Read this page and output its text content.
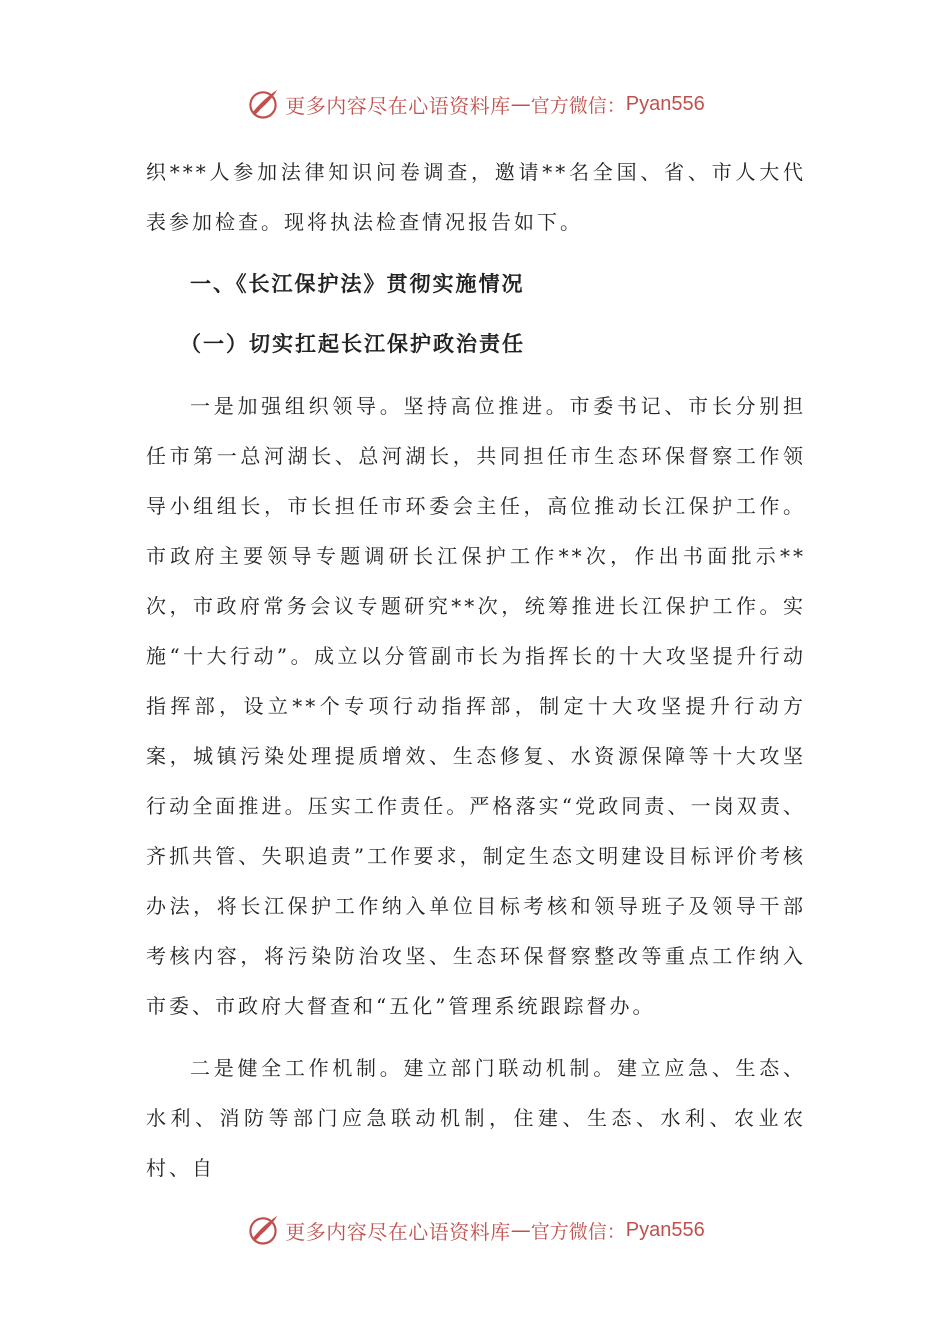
更多内容尽在心语资料库 — 官方微信： Pyan556

织***人参加法律知识问卷调查，邀请**名全国、省、市人大代表参加检查。现将执法检查情况报告如下。

一、《长江保护法》贯彻实施情况

（一）切实扛起长江保护政治责任

一是加强组织领导。坚持高位推进。市委书记、市长分别担任市第一总河湖长、总河湖长，共同担任市生态环保督察工作领导小组组长，市长担任市环委会主任，高位推动长江保护工作。市政府主要领导专题调研长江保护工作**次，作出书面批示**次，市政府常务会议专题研究**次，统筹推进长江保护工作。实施“十大行动”。成立以分管副市长为指挥长的十大攻坚提升行动指挥部，设立**个专项行动指挥部，制定十大攻坚提升行动方案，城镇污染处理提质增效、生态修复、水资源保障等十大攻坚行动全面推进。压实工作责任。严格落实“党政同责、一岗双责、齐抓共管、失职追责”工作要求，制定生态文明建设目标评价考核办法，将长江保护工作纳入单位目标考核和领导班子及领导干部考核内容，将污染防治攻坚、生态环保督察整改等重点工作纳入市委、市政府大督查和“五化”管理系统跟踪督办。

二是健全工作机制。建立部门联动机制。建立应急、生态、水利、消防等部门应急联动机制，住建、生态、水利、农业农村、自

更多内容尽在心语资料库 — 官方微信： Pyan556
